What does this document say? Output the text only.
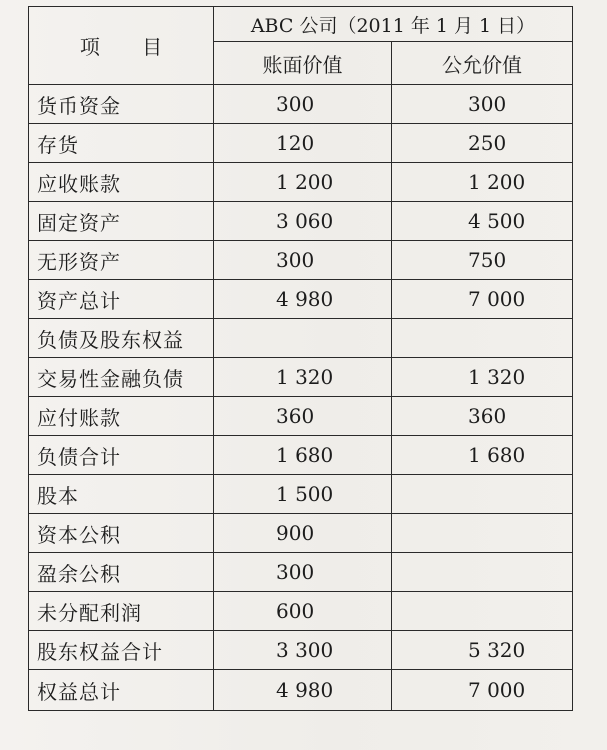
项 目	ABC 公司（2011 年 1 月 1 日）	
	账面价值	公允价值
货币资金	300	300
存货	120	250
应收账款	1 200	1 200
固定资产	3 060	4 500
无形资产	300	750
资产总计	4 980	7 000
负债及股东权益		
交易性金融负债	1 320	1 320
应付账款	360	360
负债合计	1 680	1 680
股本	1 500	
资本公积	900	
盈余公积	300	
未分配利润	600	
股东权益合计	3 300	5 320
权益总计	4 980	7 000
